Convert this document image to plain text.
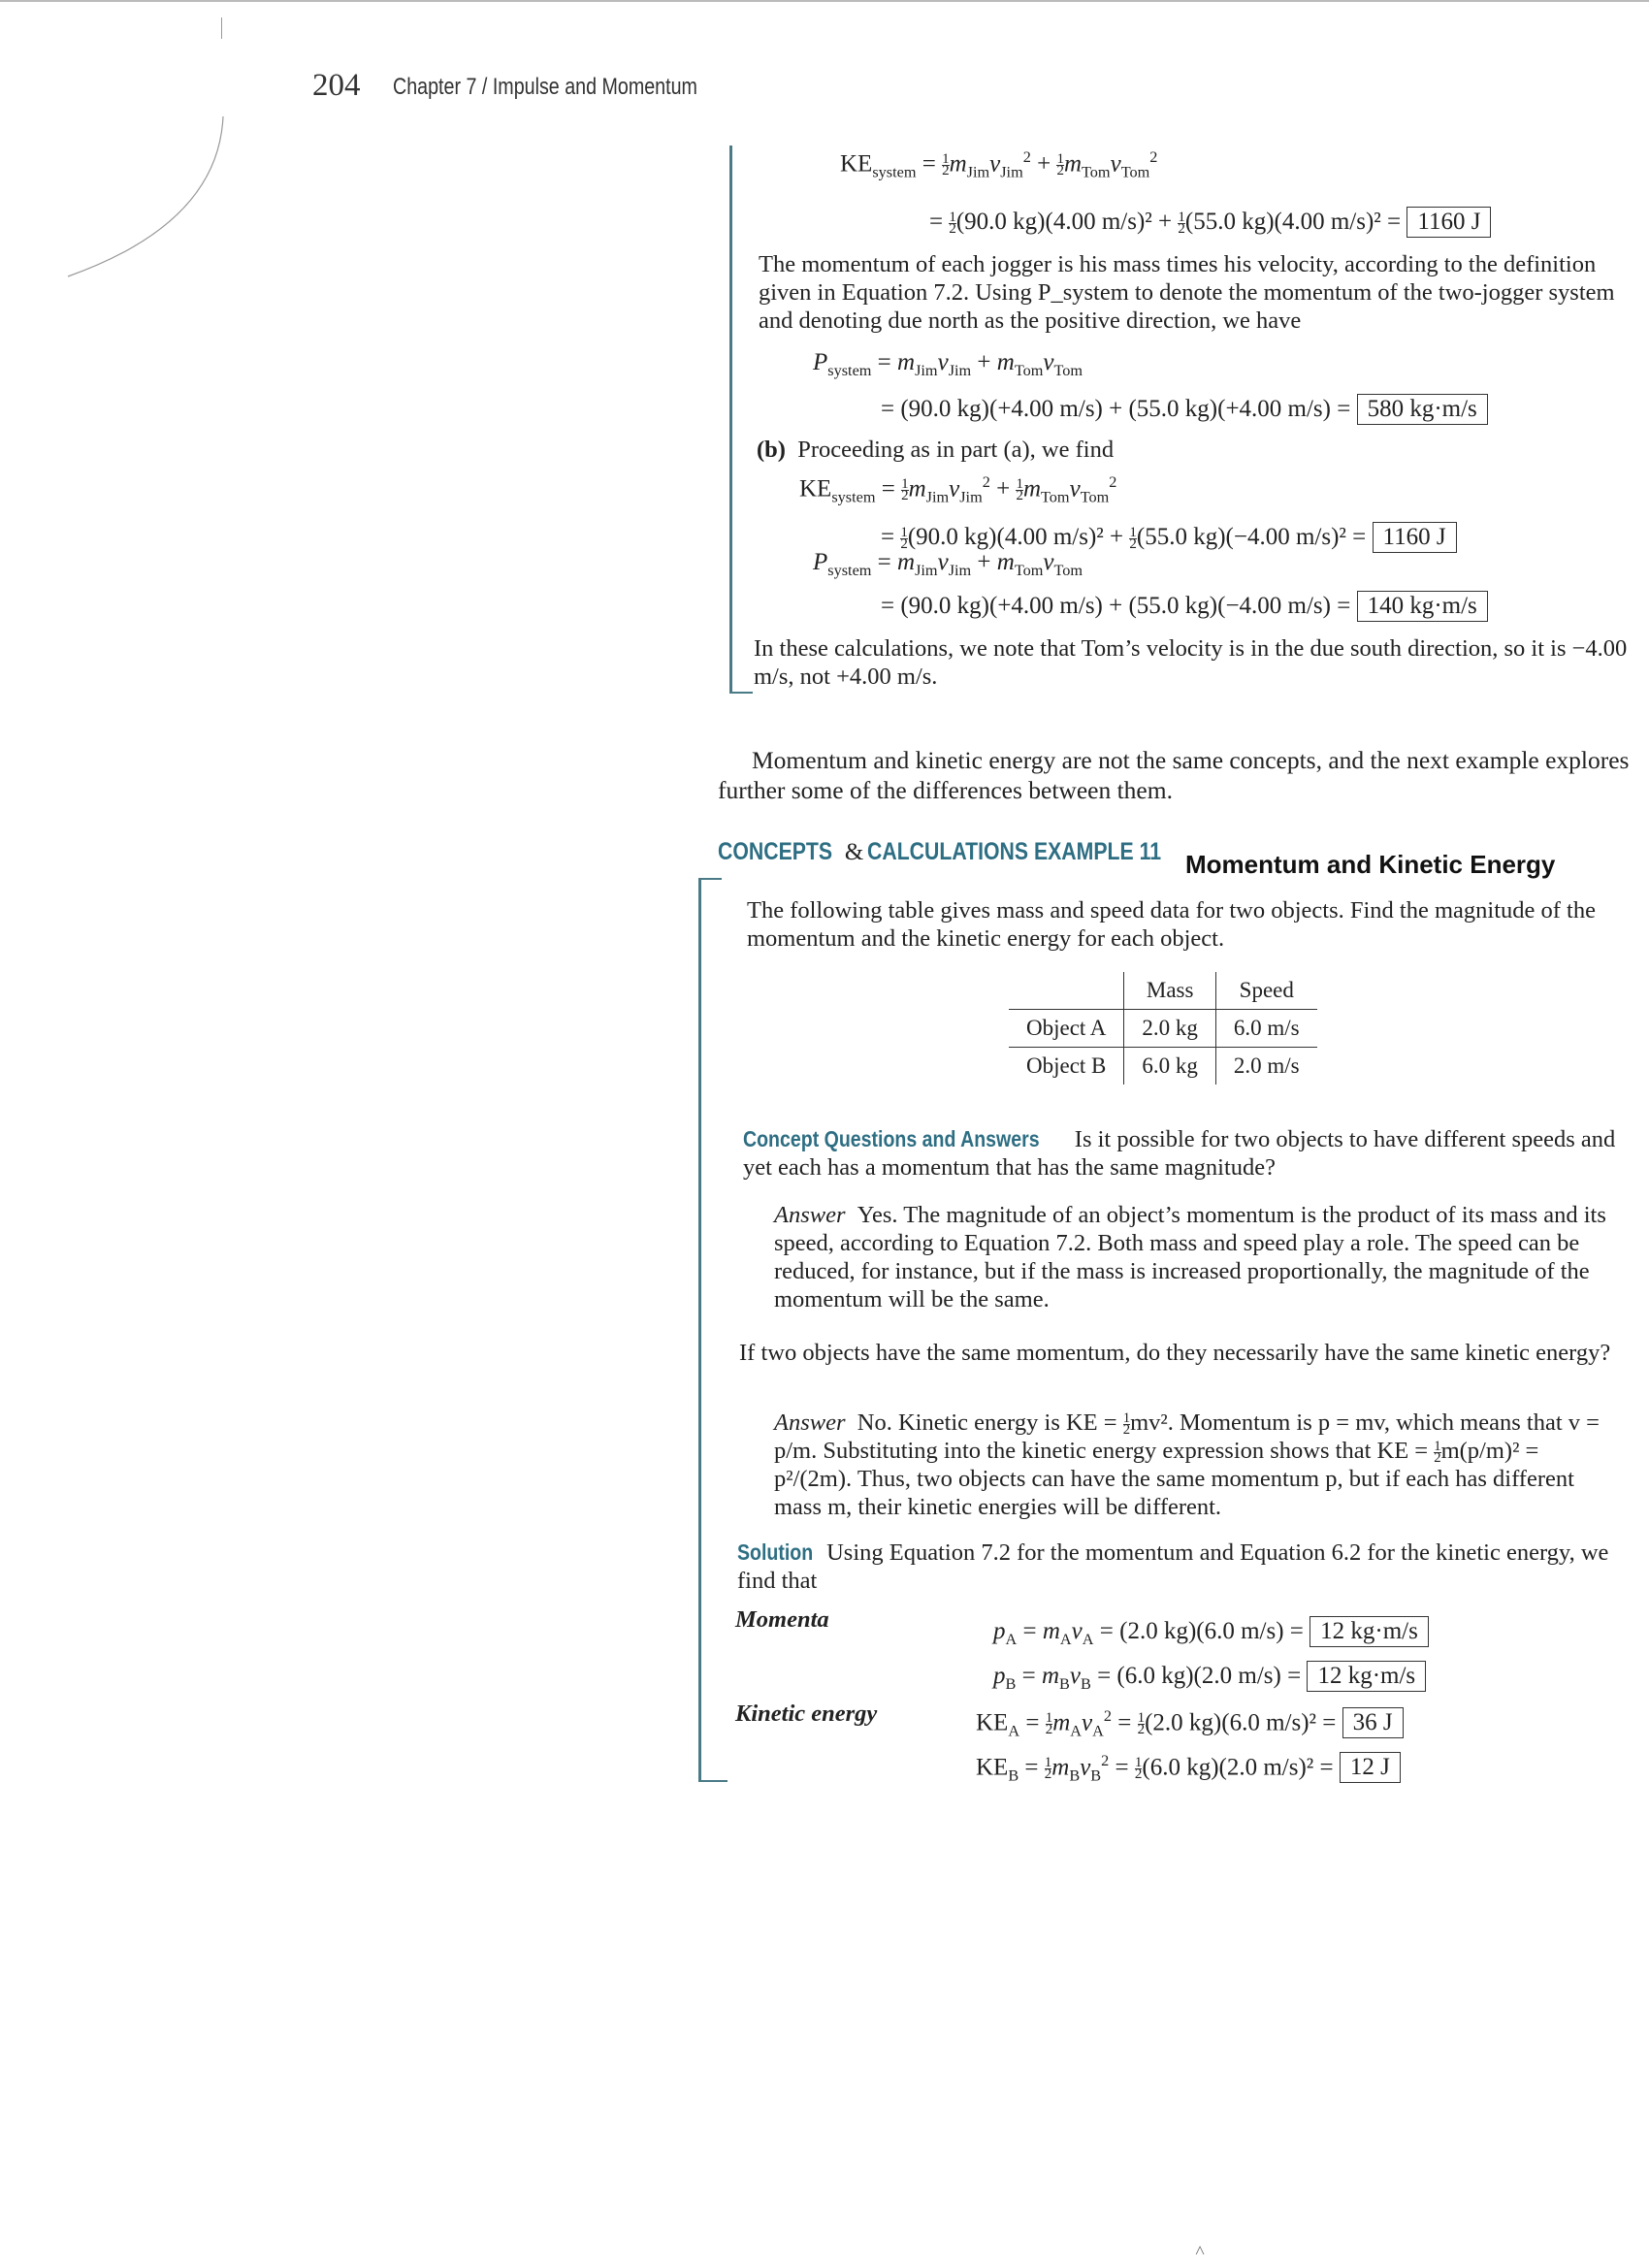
204 Chapter 7 / Impulse and Momentum
$KE_{system} = \frac{1}{2} m_{Jim}v_{Jim}^2 + \frac{1}{2} m_{Tom}v_{Tom}^2$
= $\frac{1}{2} (90.0$ kg)(4.00 $m/s)^2 + \frac{1}{2} (55.0$ kg)(4.00 m/s)² = 1160 J
The momentum of each jogger is his mass times his velocity, according to the definition given in Equation 7.2. Using P_system to denote the momentum of the two-jogger system and denoting due north as the positive direction, we have
$P_{system} = m_{Jim}v_{Jim} + m_{Tom}v_{Tom}$
= (90.0 kg)(+4.00 m/s) + (55.0 kg)(+4.00 m/s) = 580 kg·m/s
(b) Proceeding as in part (a), we find
$KE_{system} = \frac{1}{2} m_{Jim}v_{Jim}^2 + \frac{1}{2} m_{Tom}v_{Tom}^2$
= $\frac{1}{2} (90.0$ kg)(4.00 $m/s)^2 + \frac{1}{2} (55.0$ kg)(−4.00 m/s)² = 1160 J
$P_{system} = m_{Jim}v_{Jim} + m_{Tom}v_{Tom}$
= (90.0 kg)(+4.00 m/s) + (55.0 kg)(−4.00 m/s) = 140 kg·m/s
In these calculations, we note that Tom’s velocity is in the due south direction, so it is −4.00 m/s, not +4.00 m/s.
Momentum and kinetic energy are not the same concepts, and the next example explores further some of the differences between them.
CONCEPTS & CALCULATIONS EXAMPLE 11 Momentum and Kinetic Energy
The following table gives mass and speed data for two objects. Find the magnitude of the momentum and the kinetic energy for each object.
	Mass	Speed
Object A	2.0 kg	6.0 m/s
Object B	6.0 kg	2.0 m/s
Concept Questions and Answers Is it possible for two objects to have different speeds and yet each has a momentum that has the same magnitude?
Answer Yes. The magnitude of an object’s momentum is the product of its mass and its speed, according to Equation 7.2. Both mass and speed play a role. The speed can be reduced, for instance, but if the mass is increased proportionally, the magnitude of the momentum will be the same.
If two objects have the same momentum, do they necessarily have the same kinetic energy?
Answer No. Kinetic energy is KE = $\frac{1}{2} mv^2$. Momentum is p = mv, which means that v = p/m. Substituting into the kinetic energy expression shows that KE = $\frac{1}{2} m(p/m)^2 = p^2/(2m)$. Thus, two objects can have the same momentum p, but if each has different mass m, their kinetic energies will be different.
Solution Using Equation 7.2 for the momentum and Equation 6.2 for the kinetic energy, we find that
Momenta	$p_A = m_Av_A = (2.0$ kg)(6.0 m/s) = 12 kg·m/s
$p_B = m_Bv_B = (6.0$ kg)(2.0 m/s) = 12 kg·m/s
Kinetic energy	$KE_A = \frac{1}{2} m_Av_A^2 = \frac{1}{2} (2.0$ kg)(6.0 m/s)² = 36 J
$KE_B = \frac{1}{2} m_Bv_B^2 = \frac{1}{2} (6.0$ kg)(2.0 m/s)² = 12 J
˄
